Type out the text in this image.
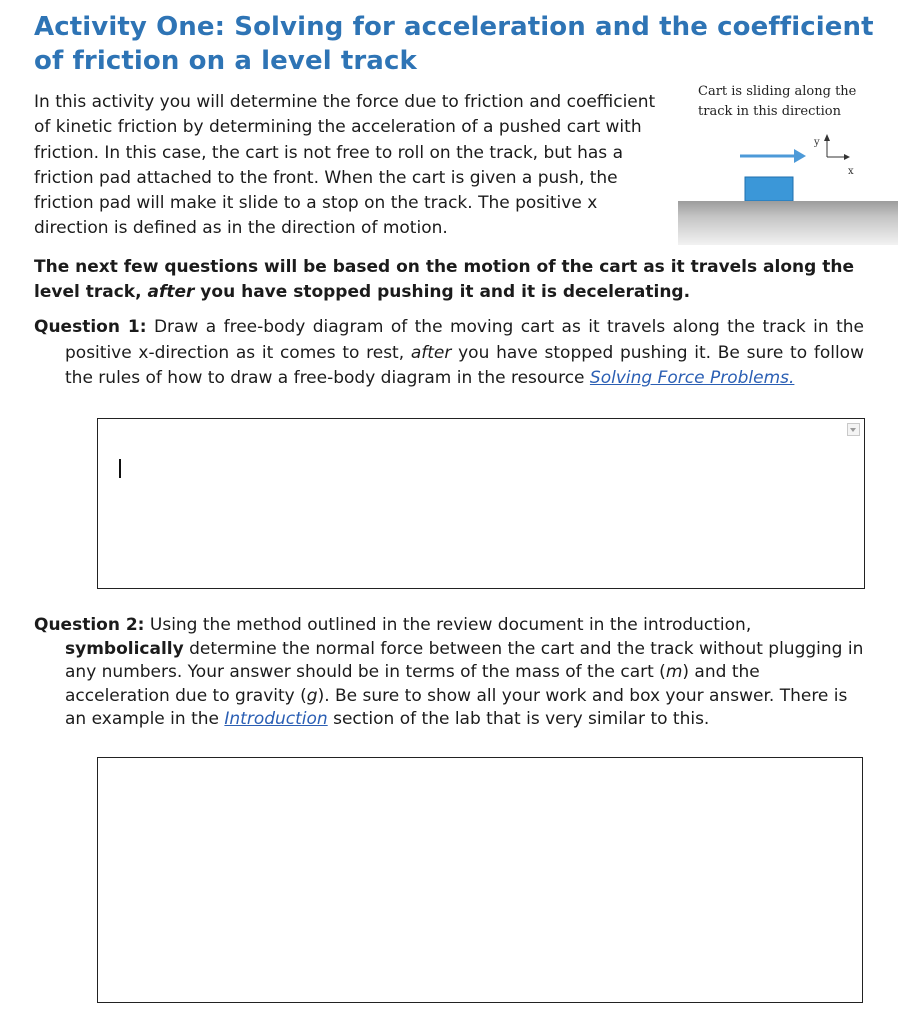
Activity One: Solving for acceleration and the coefficient of friction on a level track

In this activity you will determine the force due to friction and coefficient of kinetic friction by determining the acceleration of a pushed cart with friction. In this case, the cart is not free to roll on the track, but has a friction pad attached to the front. When the cart is given a push, the friction pad will make it slide to a stop on the track. The positive x direction is defined as in the direction of motion.

Cart is sliding along the track in this direction

y
x

The next few questions will be based on the motion of the cart as it travels along the level track, after you have stopped pushing it and it is decelerating.

Question 1: Draw a free-body diagram of the moving cart as it travels along the track in the positive x-direction as it comes to rest, after you have stopped pushing it. Be sure to follow the rules of how to draw a free-body diagram in the resource Solving Force Problems.

Question 2: Using the method outlined in the review document in the introduction, symbolically determine the normal force between the cart and the track without plugging in any numbers. Your answer should be in terms of the mass of the cart (m) and the acceleration due to gravity (g). Be sure to show all your work and box your answer. There is an example in the Introduction section of the lab that is very similar to this.
